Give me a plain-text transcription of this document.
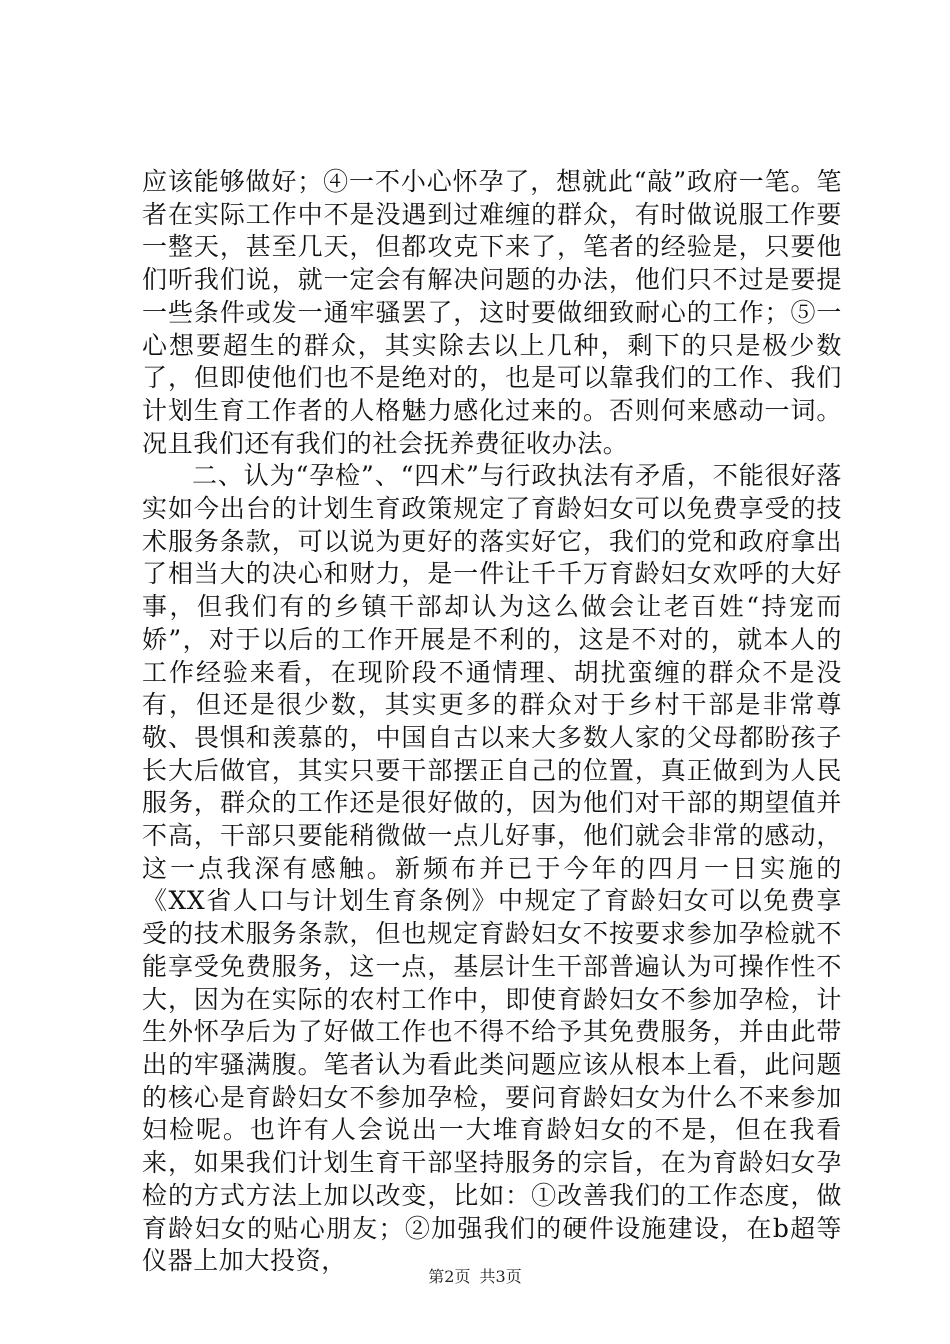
应该能够做好；④一不小心怀孕了，想就此“敲”政府一笔。笔者在实际工作中不是没遇到过难缠的群众，有时做说服工作要一整天，甚至几天，但都攻克下来了，笔者的经验是，只要他们听我们说，就一定会有解决问题的办法，他们只不过是要提一些条件或发一通牢骚罢了，这时要做细致耐心的工作；⑤一心想要超生的群众，其实除去以上几种，剩下的只是极少数了，但即使他们也不是绝对的，也是可以靠我们的工作、我们计划生育工作者的人格魅力感化过来的。否则何来感动一词。况且我们还有我们的社会抚养费征收办法。

二、认为“孕检”、“四术”与行政执法有矛盾，不能很好落实如今出台的计划生育政策规定了育龄妇女可以免费享受的技术服务条款，可以说为更好的落实好它，我们的党和政府拿出了相当大的决心和财力，是一件让千千万育龄妇女欢呼的大好事，但我们有的乡镇干部却认为这么做会让老百姓“持宠而娇”，对于以后的工作开展是不利的，这是不对的，就本人的工作经验来看，在现阶段不通情理、胡扰蛮缠的群众不是没有，但还是很少数，其实更多的群众对于乡村干部是非常尊敬、畏惧和羡慕的，中国自古以来大多数人家的父母都盼孩子长大后做官，其实只要干部摆正自己的位置，真正做到为人民服务，群众的工作还是很好做的，因为他们对干部的期望值并不高，干部只要能稍微做一点儿好事，他们就会非常的感动，这一点我深有感触。新频布并已于今年的四月一日实施的《XX省人口与计划生育条例》中规定了育龄妇女可以免费享受的技术服务条款，但也规定育龄妇女不按要求参加孕检就不能享受免费服务，这一点，基层计生干部普遍认为可操作性不大，因为在实际的农村工作中，即使育龄妇女不参加孕检，计生外怀孕后为了好做工作也不得不给予其免费服务，并由此带出的牢骚满腹。笔者认为看此类问题应该从根本上看，此问题的核心是育龄妇女不参加孕检，要问育龄妇女为什么不来参加妇检呢。也许有人会说出一大堆育龄妇女的不是，但在我看来，如果我们计划生育干部坚持服务的宗旨，在为育龄妇女孕检的方式方法上加以改变，比如：①改善我们的工作态度，做育龄妇女的贴心朋友；②加强我们的硬件设施建设，在b超等仪器上加大投资，

第2页 共3页
